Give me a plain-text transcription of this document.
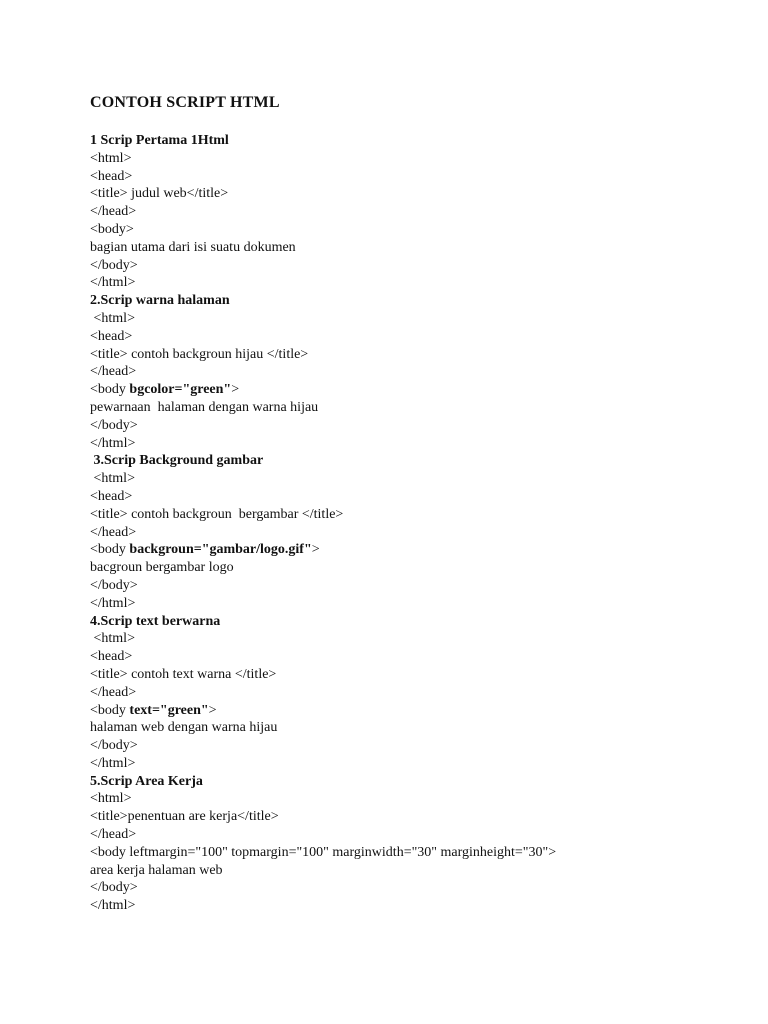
CONTOH SCRIPT HTML
1 Scrip Pertama 1Html
<html>
<head>
<title> judul web</title>
</head>
<body>
bagian utama dari isi suatu dokumen
</body>
</html>
2.Scrip warna halaman
<html>
<head>
<title> contoh backgroun hijau </title>
</head>
<body bgcolor="green">
pewarnaan  halaman dengan warna hijau
</body>
</html>
3.Scrip Background gambar
<html>
<head>
<title> contoh backgroun  bergambar </title>
</head>
<body backgroun="gambar/logo.gif">
bacgroun bergambar logo
</body>
</html>
4.Scrip text berwarna
<html>
<head>
<title> contoh text warna </title>
</head>
<body text="green">
halaman web dengan warna hijau
</body>
</html>
5.Scrip Area Kerja
<html>
<title>penentuan are kerja</title>
</head>
<body leftmargin="100" topmargin="100" marginwidth="30" marginheight="30">
area kerja halaman web
</body>
</html>
